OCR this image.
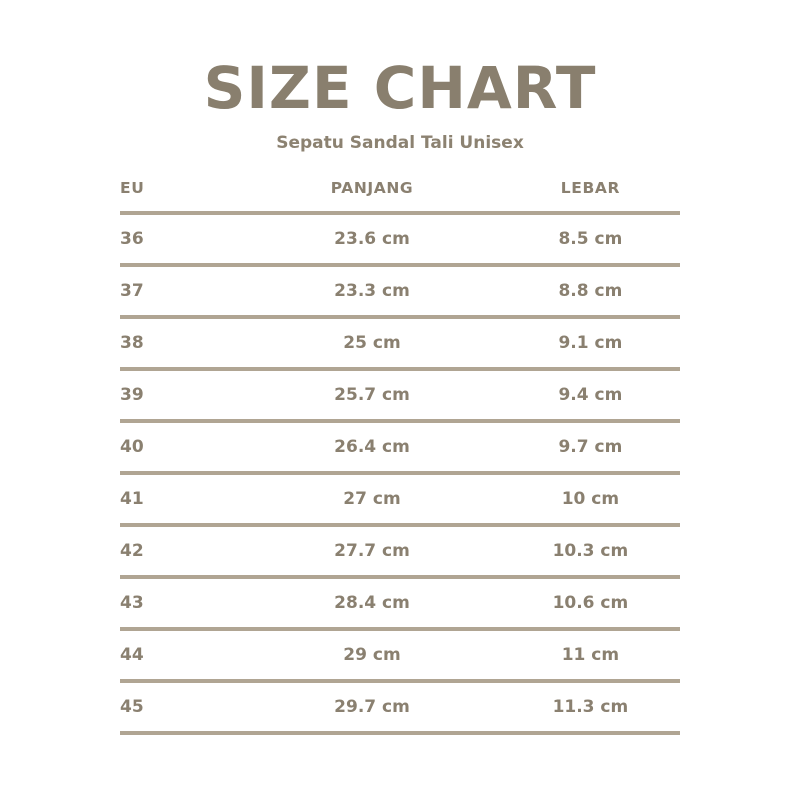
SIZE CHART
Sepatu Sandal Tali Unisex
EU	PANJANG	LEBAR
36	23.6 cm	8.5 cm
37	23.3 cm	8.8 cm
38	25 cm	9.1 cm
39	25.7 cm	9.4 cm
40	26.4 cm	9.7 cm
41	27 cm	10 cm
42	27.7 cm	10.3 cm
43	28.4 cm	10.6 cm
44	29 cm	11 cm
45	29.7 cm	11.3 cm
